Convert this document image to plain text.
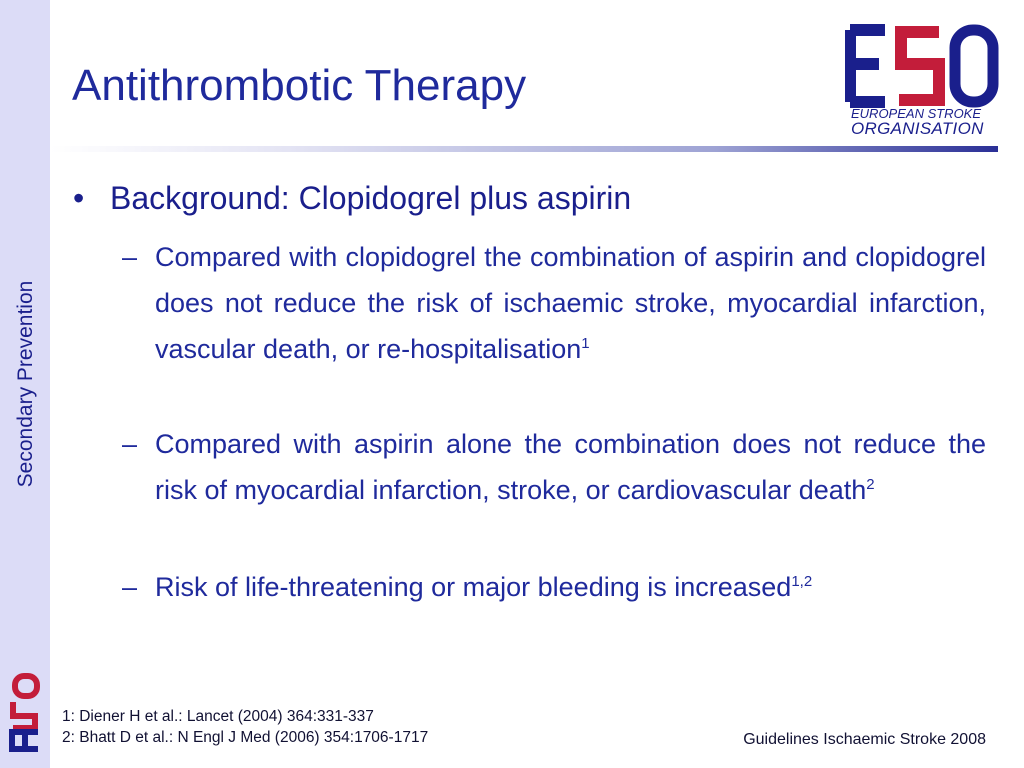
Secondary Prevention
Antithrombotic Therapy
EUROPEAN STROKE
ORGANISATION
• Background: Clopidogrel plus aspirin
– Compared with clopidogrel the combination of aspirin and clopidogrel does not reduce the risk of ischaemic stroke, myocardial infarction, vascular death, or re-hospitalisation$^1$
– Compared with aspirin alone the combination does not reduce the risk of myocardial infarction, stroke, or cardiovascular death$^2$
– Risk of life-threatening or major bleeding is increased$^{1,2}$
1: Diener H et al.: Lancet (2004) 364:331-337
2: Bhatt D et al.: N Engl J Med (2006) 354:1706-1717	Guidelines Ischaemic Stroke 2008
